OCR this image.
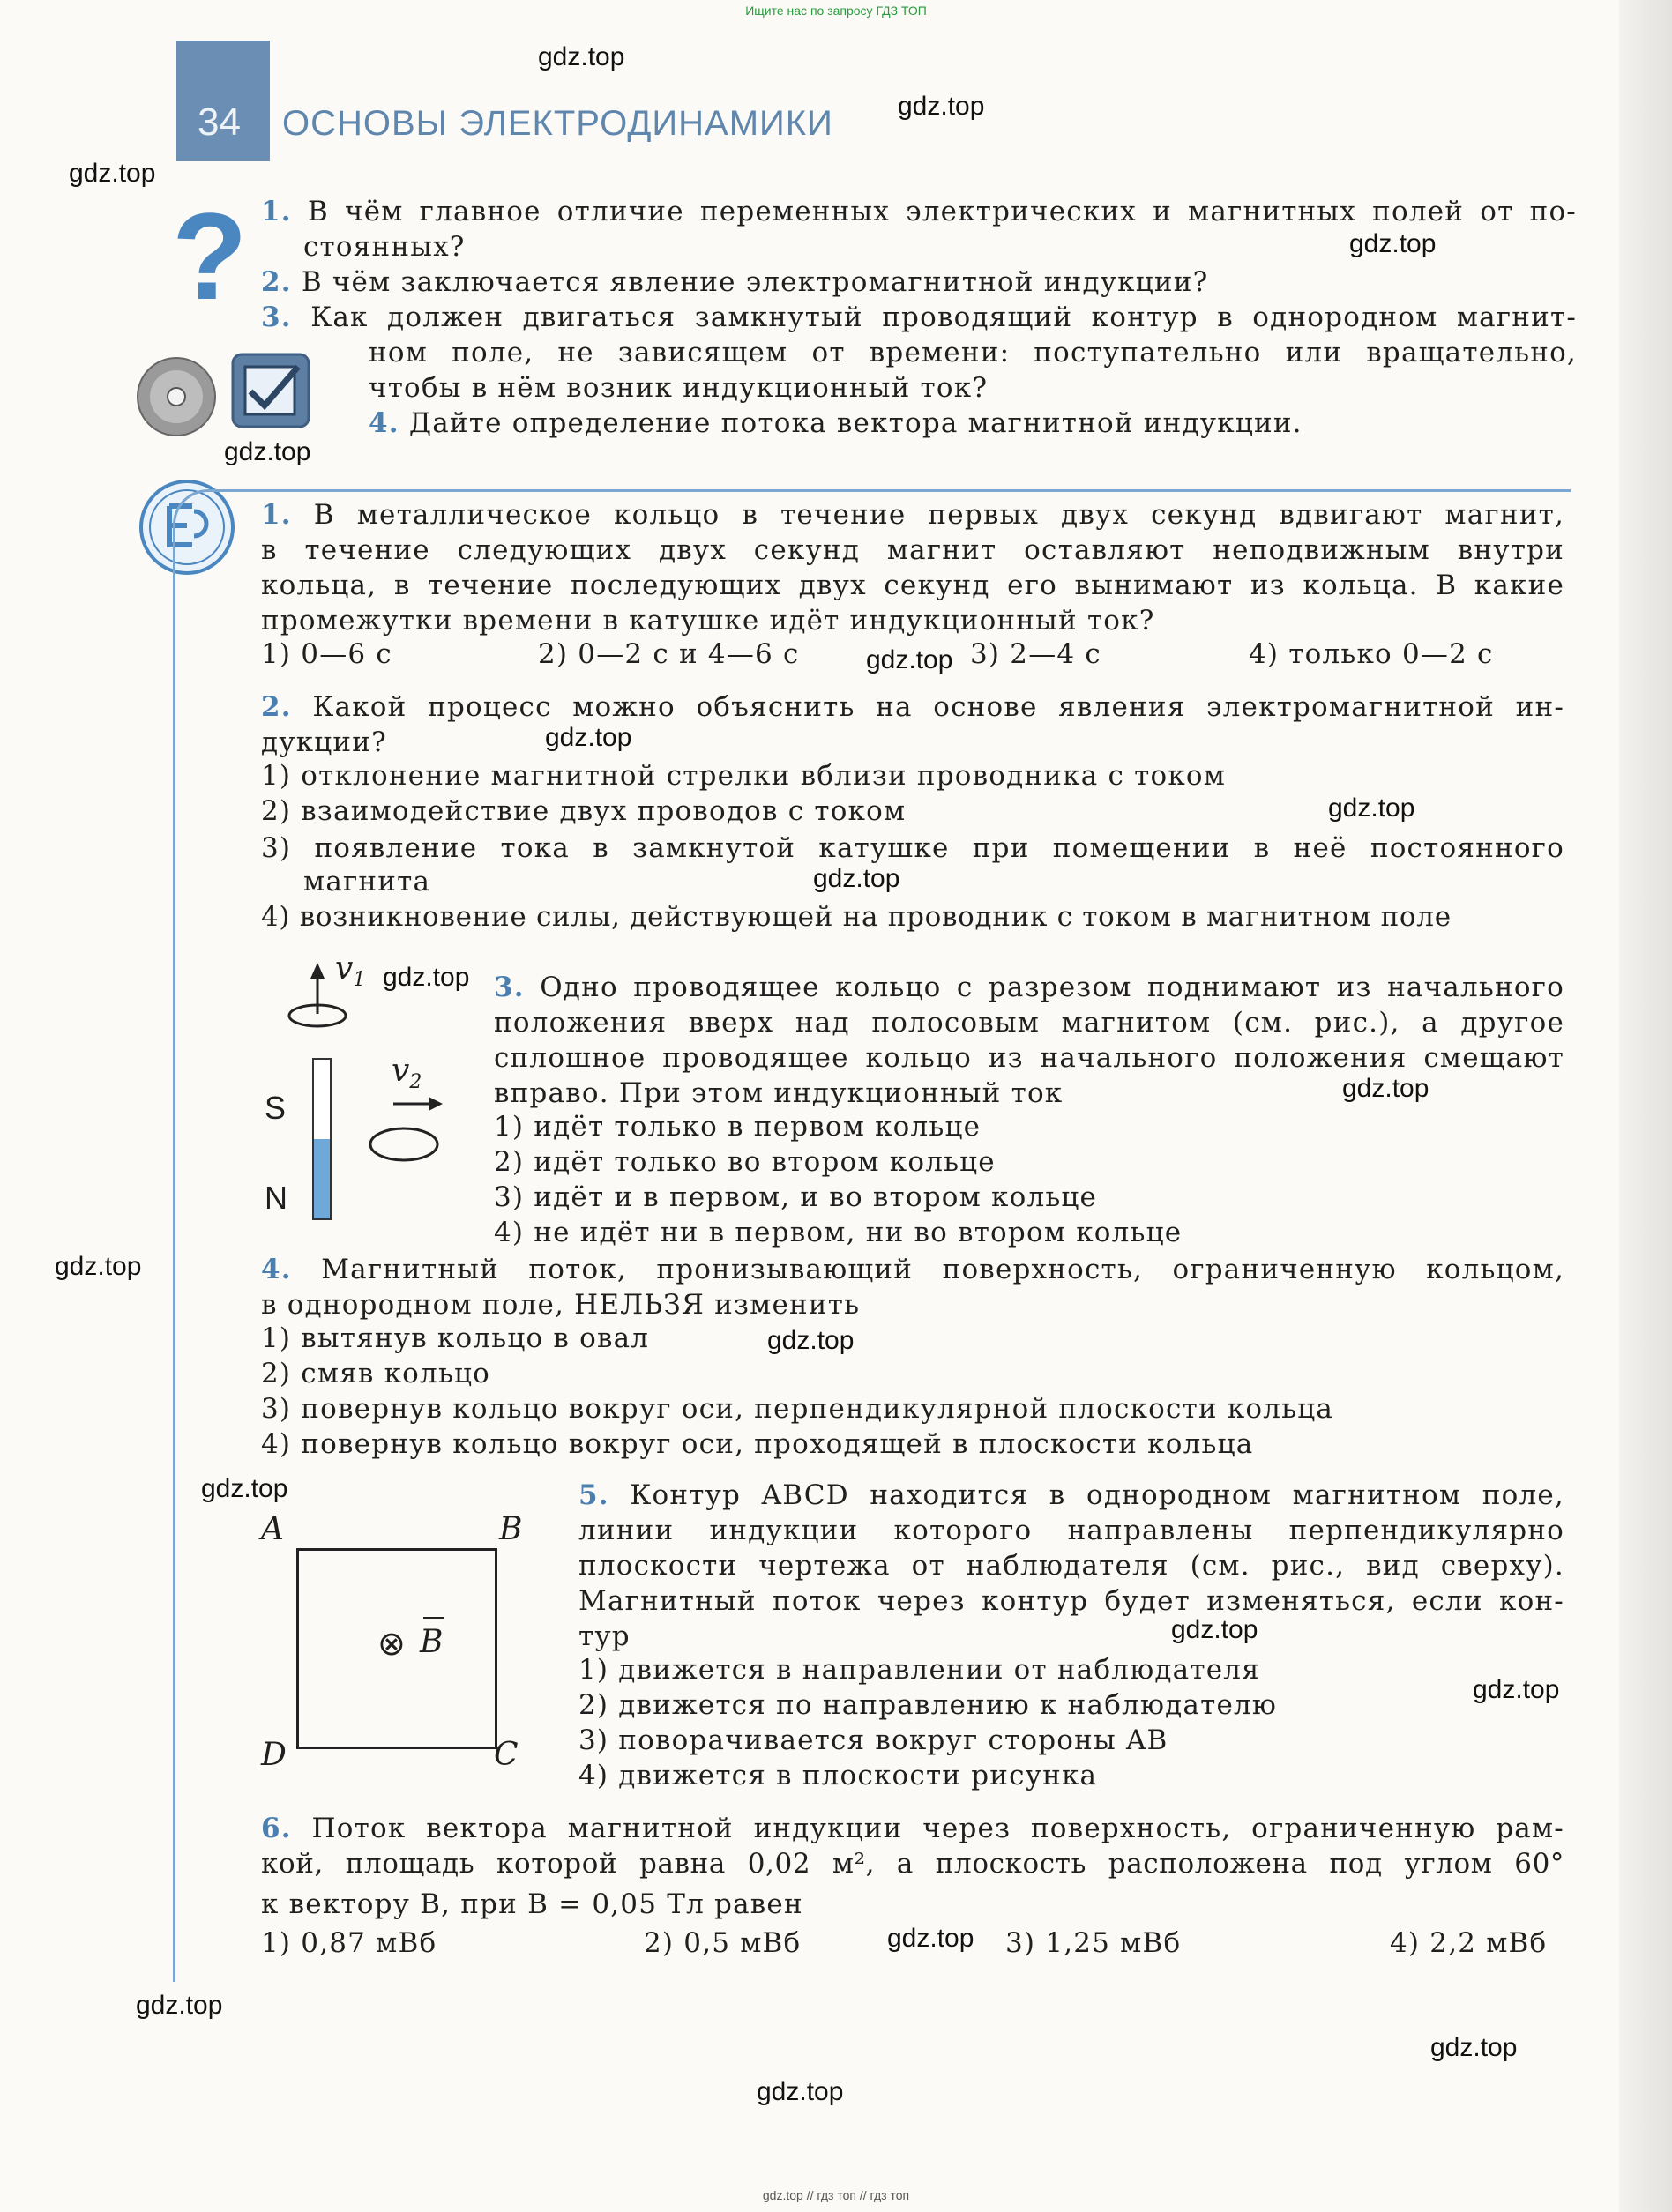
Ищите нас по запросу ГДЗ ТОП
34 ОСНОВЫ ЭЛЕКТРОДИНАМИКИ
gdz.top
gdz.top
gdz.top
gdz.top
gdz.top
gdz.top
gdz.top
gdz.top
gdz.top
gdz.top
gdz.top
gdz.top
gdz.top
gdz.top
gdz.top
gdz.top
gdz.top
gdz.top
gdz.top
gdz.top
? 1. В чём главное отличие переменных электрических и магнитных полей от по-
стоянных?
2. В чём заключается явление электромагнитной индукции?
3. Как должен двигаться замкнутый проводящий контур в однородном магнит-
ном поле, не зависящем от времени: поступательно или вращательно,
чтобы в нём возник индукционный ток?
4. Дайте определение потока вектора магнитной индукции.
1. В металлическое кольцо в течение первых двух секунд вдвигают магнит,
в течение следующих двух секунд магнит оставляют неподвижным внутри
кольца, в течение последующих двух секунд его вынимают из кольца. В какие
промежутки времени в катушке идёт индукционный ток?
1) 0—6 с	2) 0—2 с и 4—6 с	3) 2—4 с	4) только 0—2 с
2. Какой процесс можно объяснить на основе явления электромагнитной ин-
дукции?
1) отклонение магнитной стрелки вблизи проводника с током
2) взаимодействие двух проводов с током
3) появление тока в замкнутой катушке при помещении в неё постоянного
магнита
4) возникновение силы, действующей на проводник с током в магнитном поле
$v_1$
$v_2$
S
N
3. Одно проводящее кольцо с разрезом поднимают из начального
положения вверх над полосовым магнитом (см. рис.), а другое
сплошное проводящее кольцо из начального положения смещают
вправо. При этом индукционный ток
1) идёт только в первом кольце
2) идёт только во втором кольце
3) идёт и в первом, и во втором кольце
4) не идёт ни в первом, ни во втором кольце
4. Магнитный поток, пронизывающий поверхность, ограниченную кольцом,
в однородном поле, НЕЛЬЗЯ изменить
1) вытянув кольцо в овал
2) смяв кольцо
3) повернув кольцо вокруг оси, перпендикулярной плоскости кольца
4) повернув кольцо вокруг оси, проходящей в плоскости кольца
A	B
D	C
⊗ B
5. Контур ABCD находится в однородном магнитном поле,
линии индукции которого направлены перпендикулярно
плоскости чертежа от наблюдателя (см. рис., вид сверху).
Магнитный поток через контур будет изменяться, если кон-
тур
1) движется в направлении от наблюдателя
2) движется по направлению к наблюдателю
3) поворачивается вокруг стороны AB
4) движется в плоскости рисунка
6. Поток вектора магнитной индукции через поверхность, ограниченную рам-
кой, площадь которой равна 0,02 м², а плоскость расположена под углом 60°
к вектору B, при B = 0,05 Тл равен
1) 0,87 мВб	2) 0,5 мВб	3) 1,25 мВб	4) 2,2 мВб
gdz.top // гдз топ // гдз топ
